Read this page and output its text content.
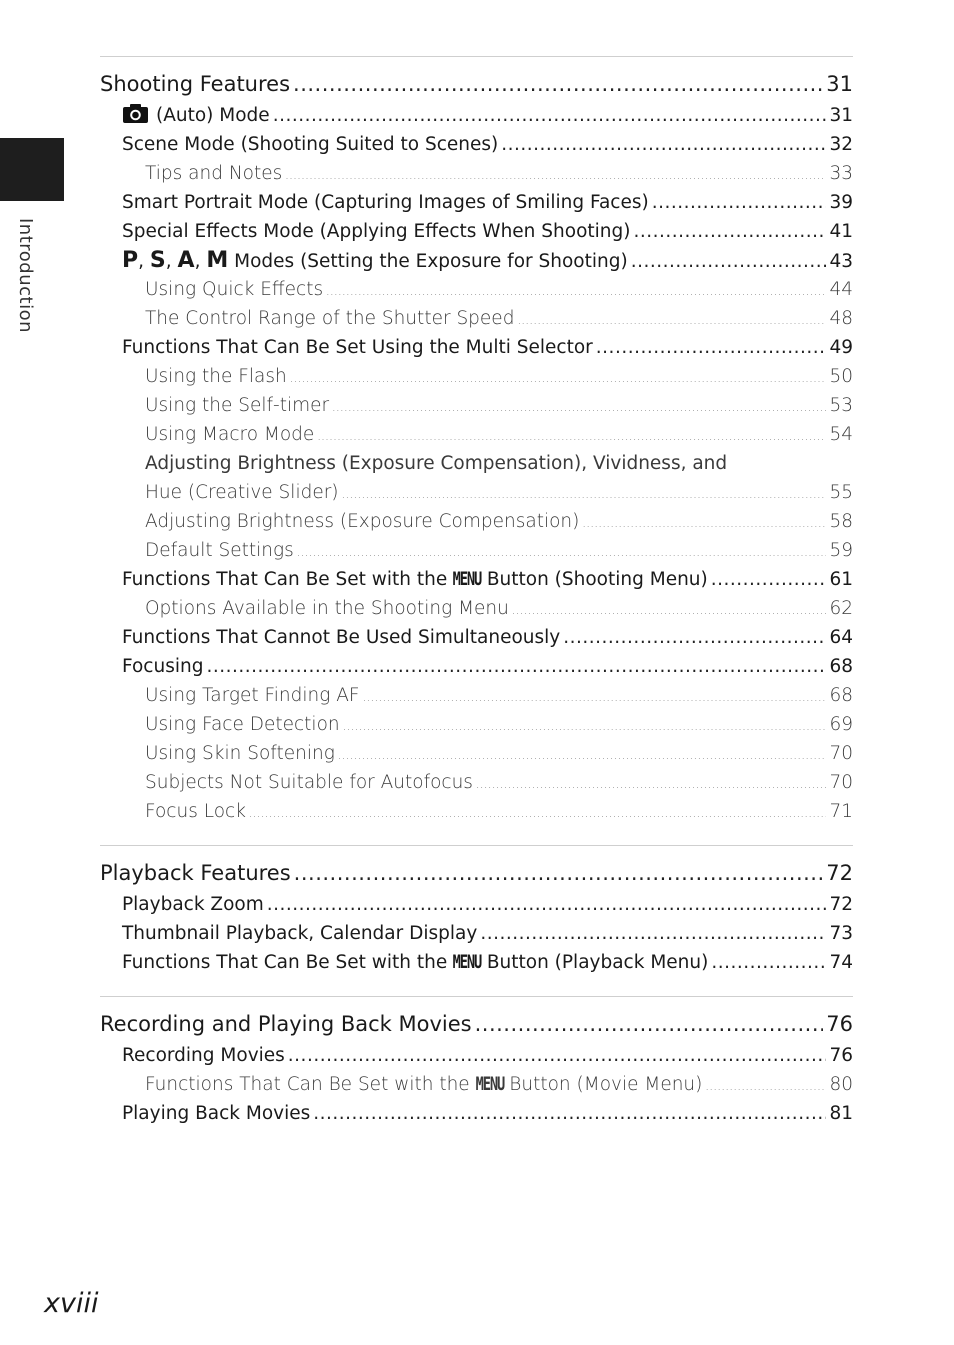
Introduction
Shooting Features .....	31
(Auto) Mode .....	31
Scene Mode (Shooting Suited to Scenes) .....	32
Tips and Notes .....	33
Smart Portrait Mode (Capturing Images of Smiling Faces) .....	39
Special Effects Mode (Applying Effects When Shooting) .....	41
P, S, A, M Modes (Setting the Exposure for Shooting) .....	43
Using Quick Effects .....	44
The Control Range of the Shutter Speed .....	48
Functions That Can Be Set Using the Multi Selector .....	49
Using the Flash .....	50
Using the Self-timer .....	53
Using Macro Mode .....	54
Adjusting Brightness (Exposure Compensation), Vividness, and
Hue (Creative Slider) .....	55
Adjusting Brightness (Exposure Compensation) .....	58
Default Settings .....	59
Functions That Can Be Set with the MENU Button (Shooting Menu) .....	61
Options Available in the Shooting Menu .....	62
Functions That Cannot Be Used Simultaneously .....	64
Focusing .....	68
Using Target Finding AF .....	68
Using Face Detection .....	69
Using Skin Softening .....	70
Subjects Not Suitable for Autofocus .....	70
Focus Lock .....	71
Playback Features .....	72
Playback Zoom .....	72
Thumbnail Playback, Calendar Display .....	73
Functions That Can Be Set with the MENU Button (Playback Menu) .....	74
Recording and Playing Back Movies .....	76
Recording Movies .....	76
Functions That Can Be Set with the MENU Button (Movie Menu) .....	80
Playing Back Movies .....	81
xviii
